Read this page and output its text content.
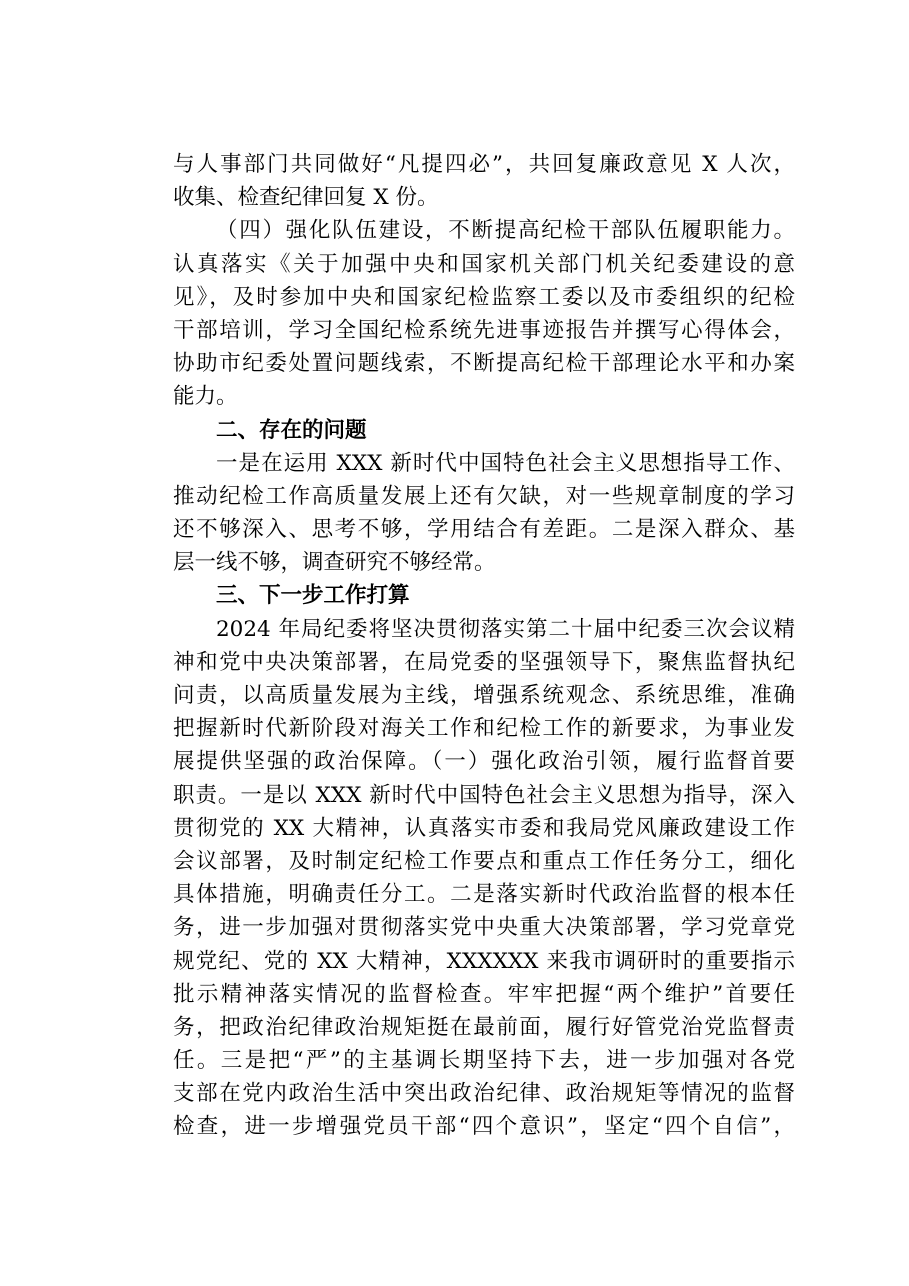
与人事部门共同做好“凡提四必”，共回复廉政意见 X 人次，
收集、检查纪律回复 X 份。
（四）强化队伍建设，不断提高纪检干部队伍履职能力。
认真落实《关于加强中央和国家机关部门机关纪委建设的意
见》，及时参加中央和国家纪检监察工委以及市委组织的纪检
干部培训，学习全国纪检系统先进事迹报告并撰写心得体会，
协助市纪委处置问题线索，不断提高纪检干部理论水平和办案
能力。
二、存在的问题
一是在运用 XXX 新时代中国特色社会主义思想指导工作、
推动纪检工作高质量发展上还有欠缺，对一些规章制度的学习
还不够深入、思考不够，学用结合有差距。二是深入群众、基
层一线不够，调查研究不够经常。
三、下一步工作打算
2024 年局纪委将坚决贯彻落实第二十届中纪委三次会议精
神和党中央决策部署，在局党委的坚强领导下，聚焦监督执纪
问责，以高质量发展为主线，增强系统观念、系统思维，准确
把握新时代新阶段对海关工作和纪检工作的新要求，为事业发
展提供坚强的政治保障。（一）强化政治引领，履行监督首要
职责。一是以 XXX 新时代中国特色社会主义思想为指导，深入
贯彻党的 XX 大精神，认真落实市委和我局党风廉政建设工作
会议部署，及时制定纪检工作要点和重点工作任务分工，细化
具体措施，明确责任分工。二是落实新时代政治监督的根本任
务，进一步加强对贯彻落实党中央重大决策部署，学习党章党
规党纪、党的 XX 大精神，XXXXXX 来我市调研时的重要指示
批示精神落实情况的监督检查。牢牢把握“两个维护”首要任
务，把政治纪律政治规矩挺在最前面，履行好管党治党监督责
任。三是把“严”的主基调长期坚持下去，进一步加强对各党
支部在党内政治生活中突出政治纪律、政治规矩等情况的监督
检查，进一步增强党员干部“四个意识”，坚定“四个自信”，
